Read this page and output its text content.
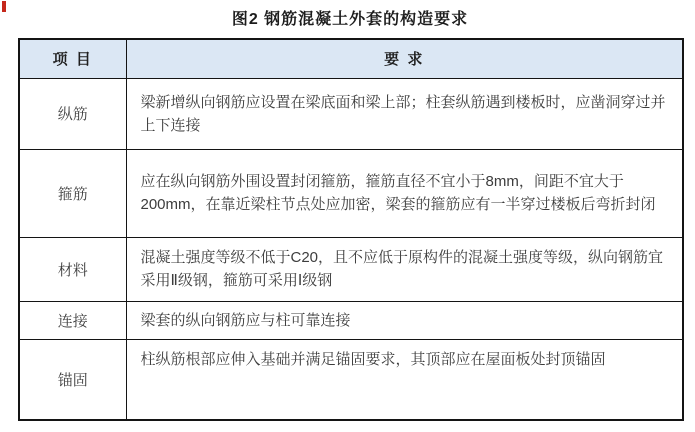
图2 钢筋混凝土外套的构造要求
项 目	要 求
纵筋	梁新增纵向钢筋应设置在梁底面和梁上部；柱套纵筋遇到楼板时，应凿洞穿过并上下连接
箍筋	应在纵向钢筋外围设置封闭箍筋，箍筋直径不宜小于8mm，间距不宜大于200mm，在靠近梁柱节点处应加密，梁套的箍筋应有一半穿过楼板后弯折封闭
材料	混凝土强度等级不低于C20，且不应低于原构件的混凝土强度等级，纵向钢筋宜采用Ⅱ级钢，箍筋可采用Ⅰ级钢
连接	梁套的纵向钢筋应与柱可靠连接
锚固	柱纵筋根部应伸入基础并满足锚固要求，其顶部应在屋面板处封顶锚固
